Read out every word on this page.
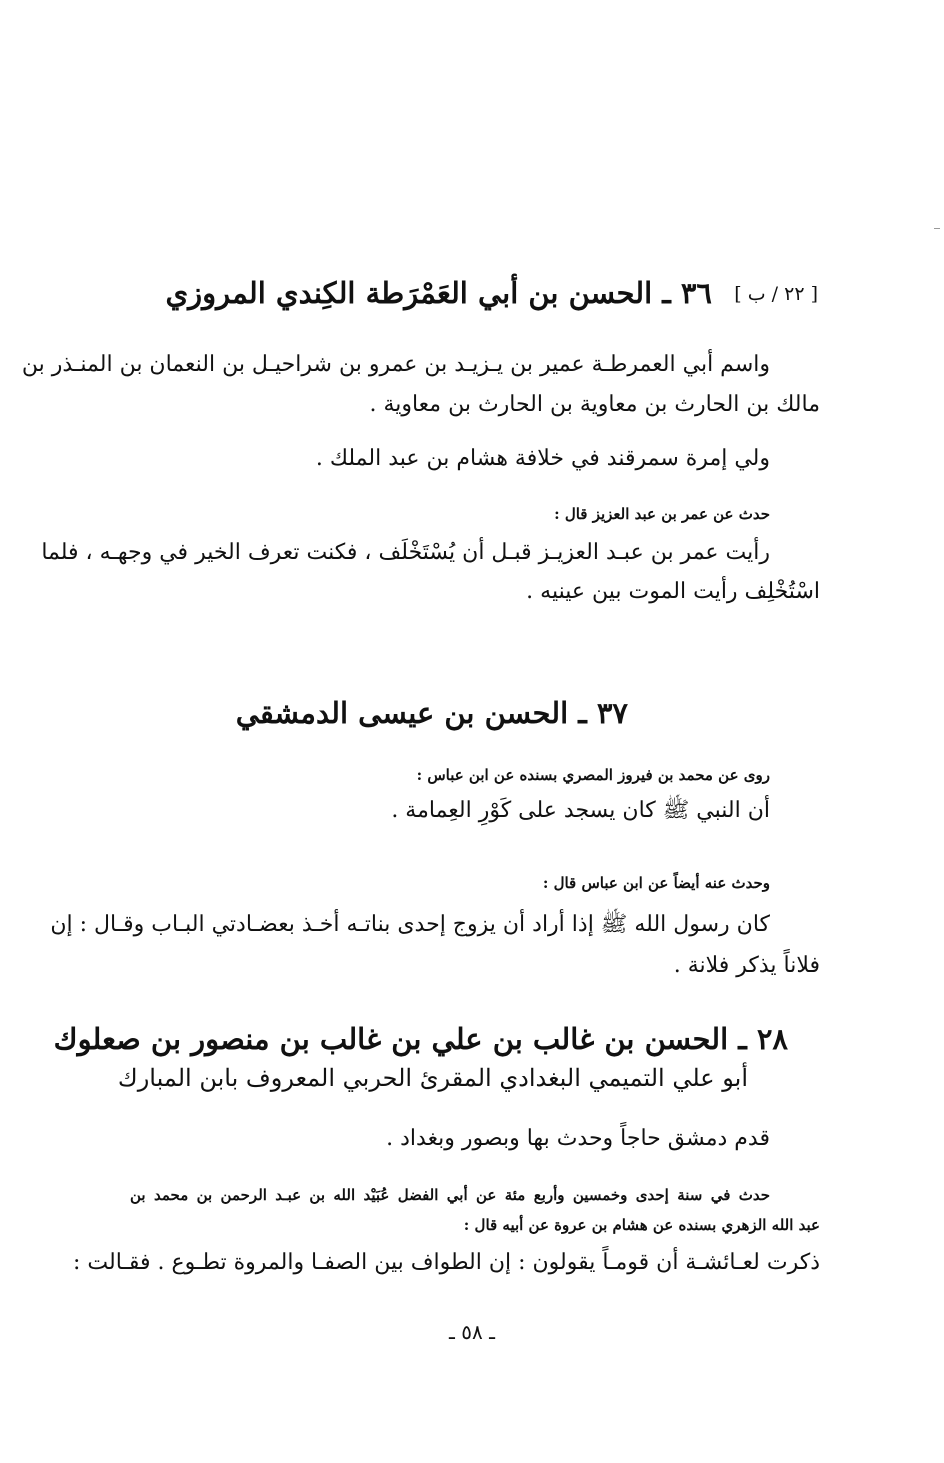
[ ٢٢ / ب ]
٣٦ ـ الحسن بن أبي العَمْرَطة الكِندي المروزي
واسم أبي العمرطـة عمير بن يـزيـد بن عمرو بن شراحيـل بن النعمان بن المنـذر بن
مالك بن الحارث بن معاوية بن الحارث بن معاوية .
ولي إمرة سمرقند في خلافة هشام بن عبد الملك .
حدث عن عمر بن عبد العزيز قال :
رأيت عمر بن عبـد العزيـز قبـل أن يُسْتَخْلَف ، فكنت تعرف الخير في وجهـه ، فلما
اسْتُخْلِف رأيت الموت بين عينيه .
٣٧ ـ الحسن بن عيسى الدمشقي
روى عن محمد بن فيروز المصري بسنده عن ابن عباس :
أن النبي ﷺ كان يسجد على كَوْرِ العِمامة .
وحدث عنه أيضاً عن ابن عباس قال :
كان رسول الله ﷺ إذا أراد أن يزوج إحدى بناتـه أخـذ بعضـادتي البـاب وقـال : إن
فلاناً يذكر فلانة .
٢٨ ـ الحسن بن غالب بن علي بن غالب بن منصور بن صعلوك
أبو علي التميمي البغدادي المقرئ الحربي المعروف بابن المبارك
قدم دمشق حاجاً وحدث بها وبصور وبغداد .
حدث في سنة إحدى وخمسين وأربع مئة عن أبي الفضل عُبَيْد الله بن عبـد الرحمن بن محمد بن
عبد الله الزهري بسنده عن هشام بن عروة عن أبيه قال :
ذكرت لعـائشـة أن قومـاً يقولون : إن الطواف بين الصفـا والمروة تطـوع . فقـالت :
ـ ٥٨ ـ
